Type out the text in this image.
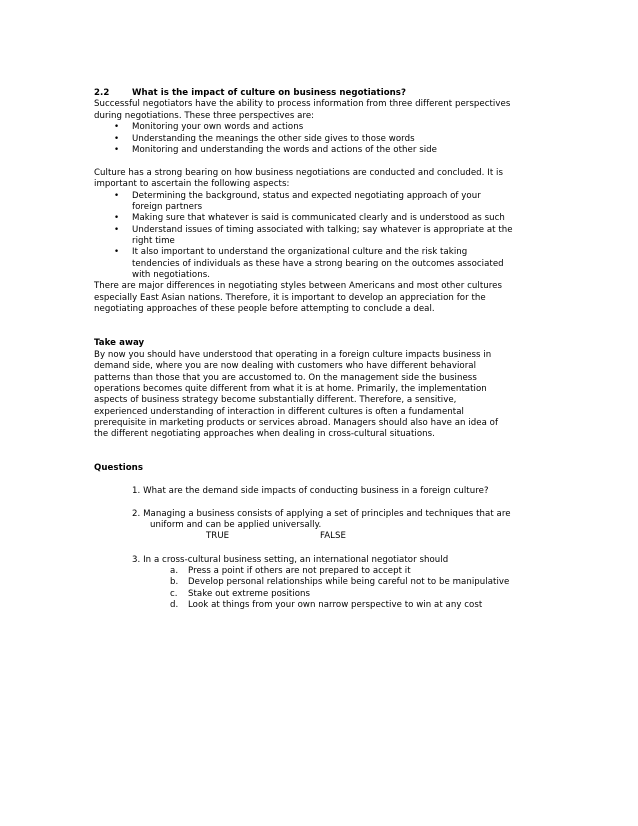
2.2	What is the impact of culture on business negotiations?
Successful negotiators have the ability to process information from three different perspectives
during negotiations. These three perspectives are:
• Monitoring your own words and actions
• Understanding the meanings the other side gives to those words
• Monitoring and understanding the words and actions of the other side
Culture has a strong bearing on how business negotiations are conducted and concluded. It is
important to ascertain the following aspects:
• Determining the background, status and expected negotiating approach of your
foreign partners
• Making sure that whatever is said is communicated clearly and is understood as such
• Understand issues of timing associated with talking; say whatever is appropriate at the
right time
• It also important to understand the organizational culture and the risk taking
tendencies of individuals as these have a strong bearing on the outcomes associated
with negotiations.
There are major differences in negotiating styles between Americans and most other cultures
especially East Asian nations. Therefore, it is important to develop an appreciation for the
negotiating approaches of these people before attempting to conclude a deal.
Take away
By now you should have understood that operating in a foreign culture impacts business in
demand side, where you are now dealing with customers who have different behavioral
patterns than those that you are accustomed to. On the management side the business
operations becomes quite different from what it is at home. Primarily, the implementation
aspects of business strategy become substantially different. Therefore, a sensitive,
experienced understanding of interaction in different cultures is often a fundamental
prerequisite in marketing products or services abroad. Managers should also have an idea of
the different negotiating approaches when dealing in cross-cultural situations.
Questions
1. What are the demand side impacts of conducting business in a foreign culture?
2. Managing a business consists of applying a set of principles and techniques that are
uniform and can be applied universally.
TRUE	FALSE
3. In a cross-cultural business setting, an international negotiator should
a. Press a point if others are not prepared to accept it
b. Develop personal relationships while being careful not to be manipulative
c. Stake out extreme positions
d. Look at things from your own narrow perspective to win at any cost
